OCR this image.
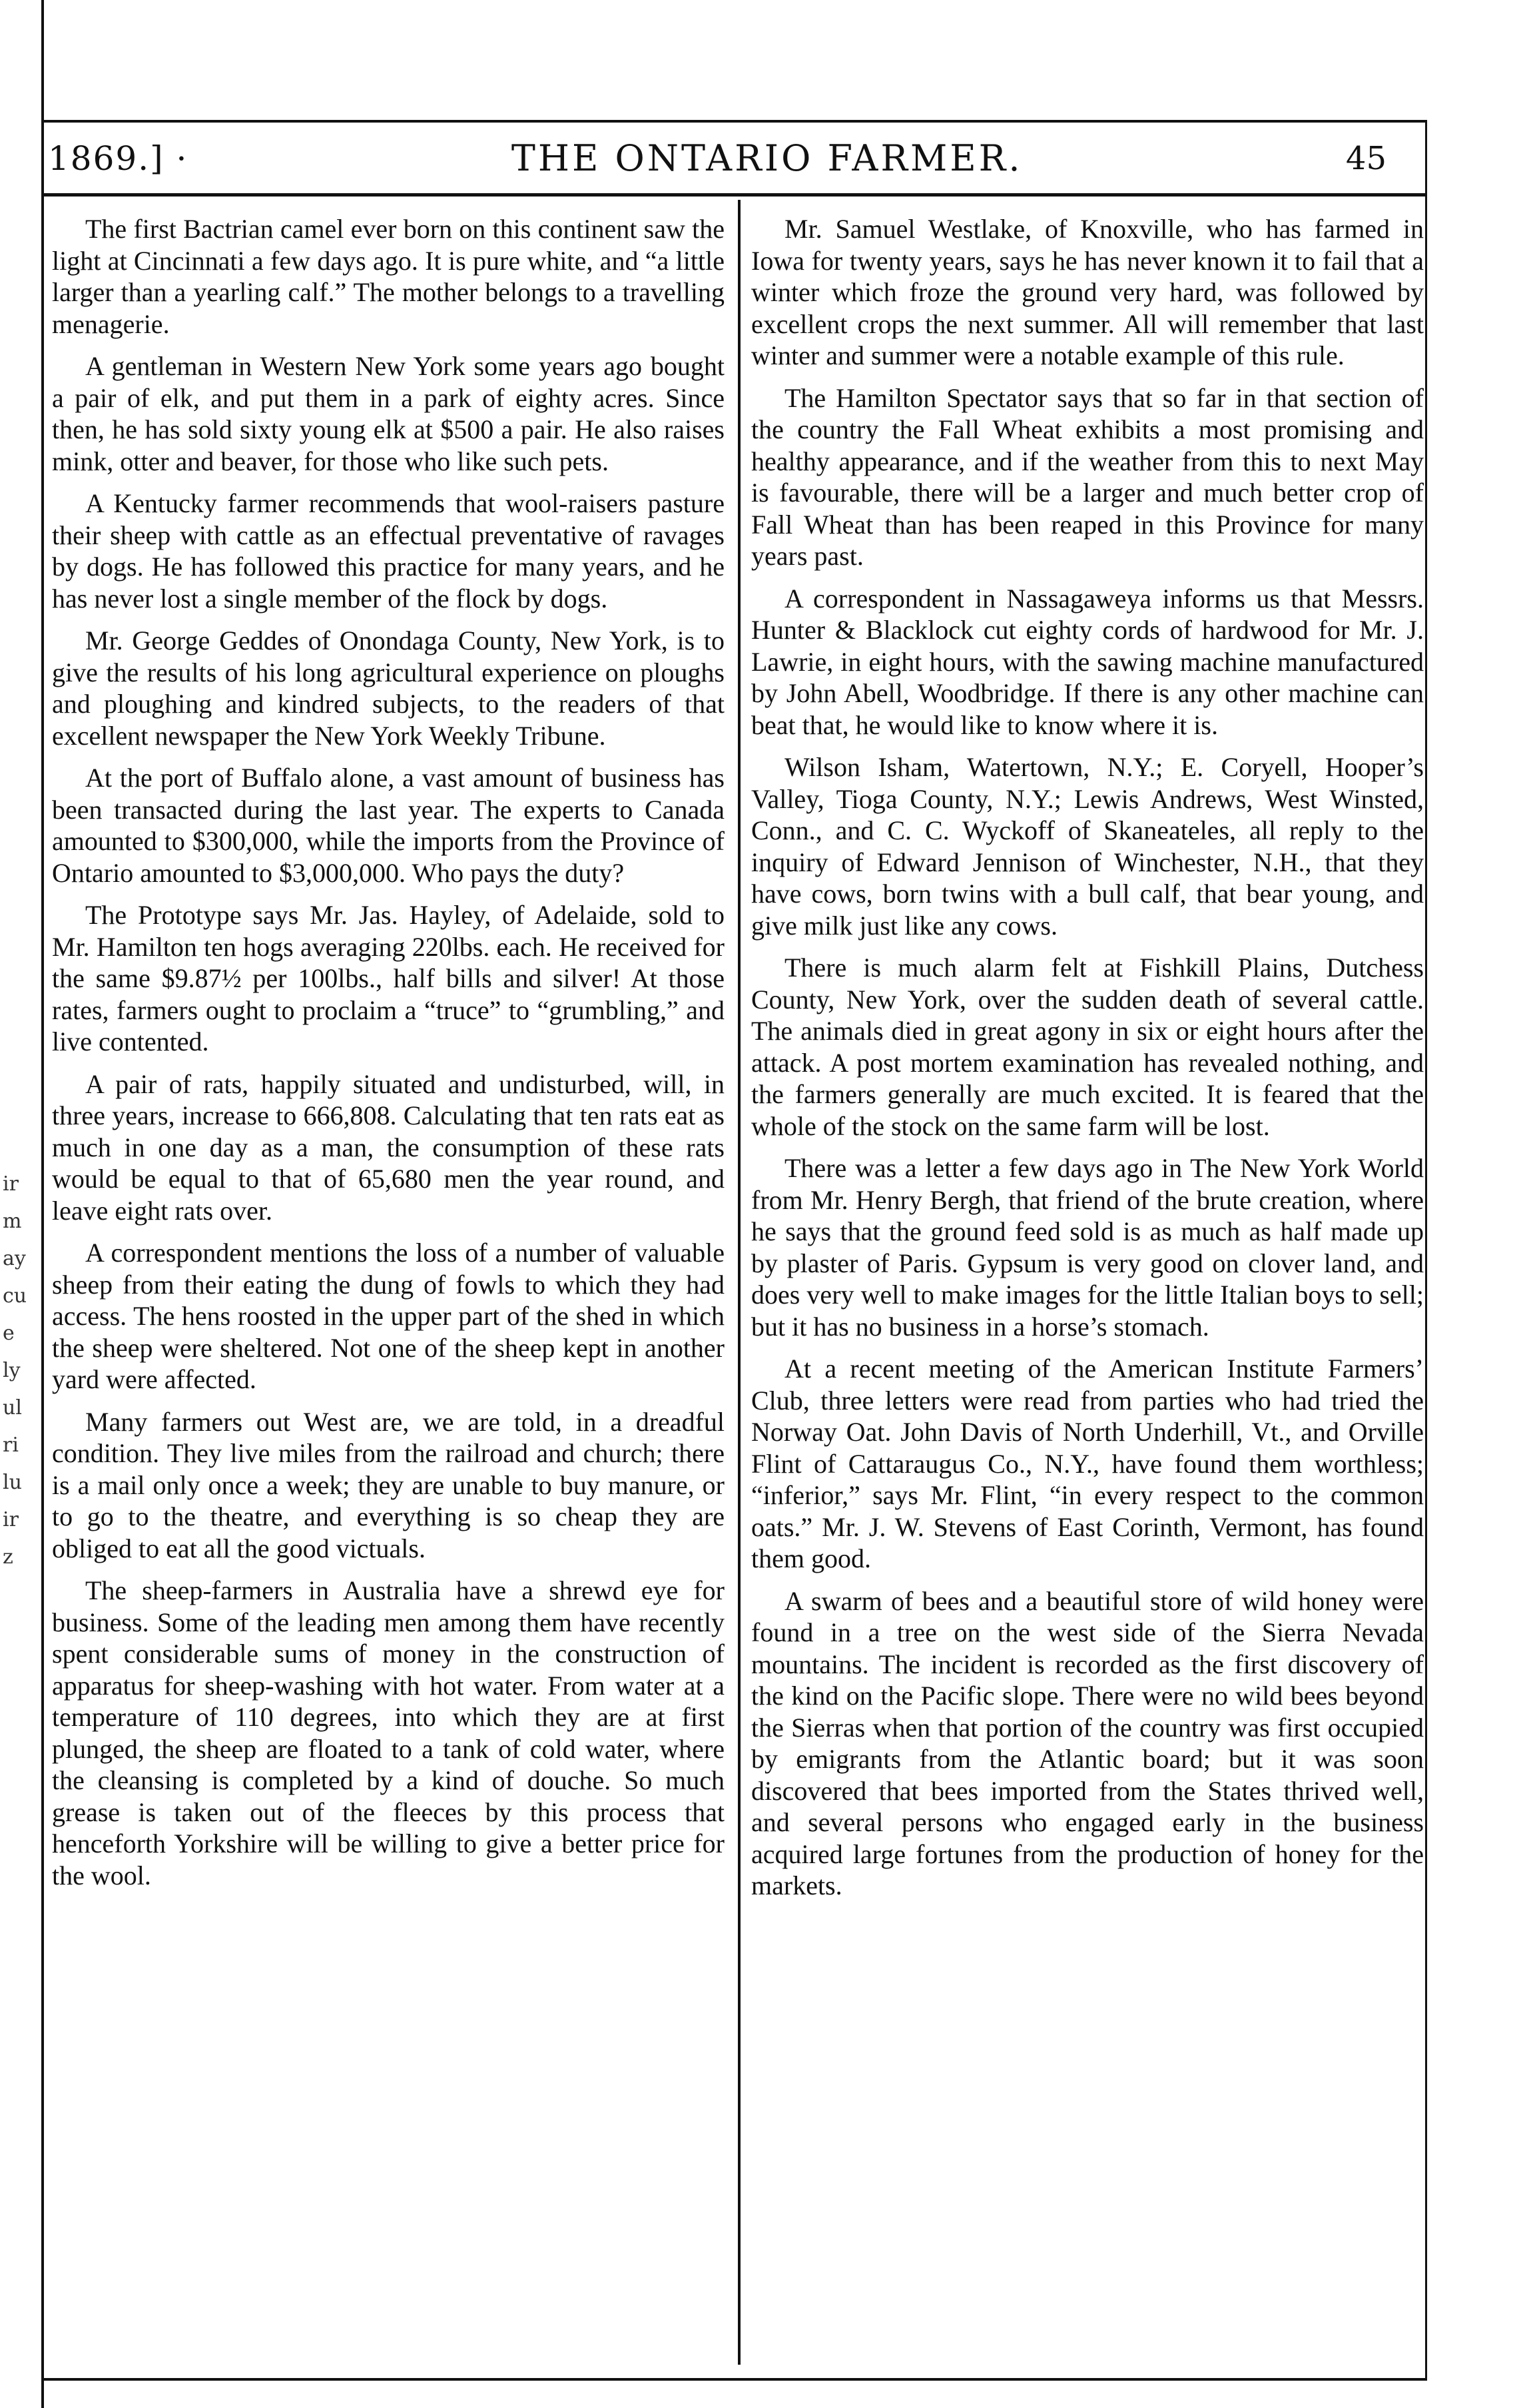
1869.] ·	THE ONTARIO FARMER.	45

The first Bactrian camel ever born on this continent saw the light at Cincinnati a few days ago. It is pure white, and “a little larger than a yearling calf.” The mother belongs to a travelling menagerie.

A gentleman in Western New York some years ago bought a pair of elk, and put them in a park of eighty acres. Since then, he has sold sixty young elk at $500 a pair. He also raises mink, otter and beaver, for those who like such pets.

A Kentucky farmer recommends that wool-raisers pasture their sheep with cattle as an effectual preventative of ravages by dogs. He has followed this practice for many years, and he has never lost a single member of the flock by dogs.

Mr. George Geddes of Onondaga County, New York, is to give the results of his long agricultural experience on ploughs and ploughing and kindred subjects, to the readers of that excellent newspaper the New York Weekly Tribune.

At the port of Buffalo alone, a vast amount of business has been transacted during the last year. The experts to Canada amounted to $300,000, while the imports from the Province of Ontario amounted to $3,000,000. Who pays the duty?

The Prototype says Mr. Jas. Hayley, of Adelaide, sold to Mr. Hamilton ten hogs averaging 220lbs. each. He received for the same $9.87½ per 100lbs., half bills and silver! At those rates, farmers ought to proclaim a “truce” to “grumbling,” and live contented.

A pair of rats, happily situated and undisturbed, will, in three years, increase to 666,808. Calculating that ten rats eat as much in one day as a man, the consumption of these rats would be equal to that of 65,680 men the year round, and leave eight rats over.

A correspondent mentions the loss of a number of valuable sheep from their eating the dung of fowls to which they had access. The hens roosted in the upper part of the shed in which the sheep were sheltered. Not one of the sheep kept in another yard were affected.

Many farmers out West are, we are told, in a dreadful condition. They live miles from the railroad and church; there is a mail only once a week; they are unable to buy manure, or to go to the theatre, and everything is so cheap they are obliged to eat all the good victuals.

The sheep-farmers in Australia have a shrewd eye for business. Some of the leading men among them have recently spent considerable sums of money in the construction of apparatus for sheep-washing with hot water. From water at a temperature of 110 degrees, into which they are at first plunged, the sheep are floated to a tank of cold water, where the cleansing is completed by a kind of douche. So much grease is taken out of the fleeces by this process that henceforth Yorkshire will be willing to give a better price for the wool.

Mr. Samuel Westlake, of Knoxville, who has farmed in Iowa for twenty years, says he has never known it to fail that a winter which froze the ground very hard, was followed by excellent crops the next summer. All will remember that last winter and summer were a notable example of this rule.

The Hamilton Spectator says that so far in that section of the country the Fall Wheat exhibits a most promising and healthy appearance, and if the weather from this to next May is favourable, there will be a larger and much better crop of Fall Wheat than has been reaped in this Province for many years past.

A correspondent in Nassagaweya informs us that Messrs. Hunter & Blacklock cut eighty cords of hardwood for Mr. J. Lawrie, in eight hours, with the sawing machine manufactured by John Abell, Woodbridge. If there is any other machine can beat that, he would like to know where it is.

Wilson Isham, Watertown, N.Y.; E. Coryell, Hooper’s Valley, Tioga County, N.Y.; Lewis Andrews, West Winsted, Conn., and C. C. Wyckoff of Skaneateles, all reply to the inquiry of Edward Jennison of Winchester, N.H., that they have cows, born twins with a bull calf, that bear young, and give milk just like any cows.

There is much alarm felt at Fishkill Plains, Dutchess County, New York, over the sudden death of several cattle. The animals died in great agony in six or eight hours after the attack. A post mortem examination has revealed nothing, and the farmers generally are much excited. It is feared that the whole of the stock on the same farm will be lost.

There was a letter a few days ago in The New York World from Mr. Henry Bergh, that friend of the brute creation, where he says that the ground feed sold is as much as half made up by plaster of Paris. Gypsum is very good on clover land, and does very well to make images for the little Italian boys to sell; but it has no business in a horse’s stomach.

At a recent meeting of the American Institute Farmers’ Club, three letters were read from parties who had tried the Norway Oat. John Davis of North Underhill, Vt., and Orville Flint of Cattaraugus Co., N.Y., have found them worthless; “inferior,” says Mr. Flint, “in every respect to the common oats.” Mr. J. W. Stevens of East Corinth, Vermont, has found them good.

A swarm of bees and a beautiful store of wild honey were found in a tree on the west side of the Sierra Nevada mountains. The incident is recorded as the first discovery of the kind on the Pacific slope. There were no wild bees beyond the Sierras when that portion of the country was first occupied by emigrants from the Atlantic board; but it was soon discovered that bees imported from the States thrived well, and several persons who engaged early in the business acquired large fortunes from the production of honey for the markets.

ir
m
ay
cu
e
ly
ul
ri
lu
ir
z
